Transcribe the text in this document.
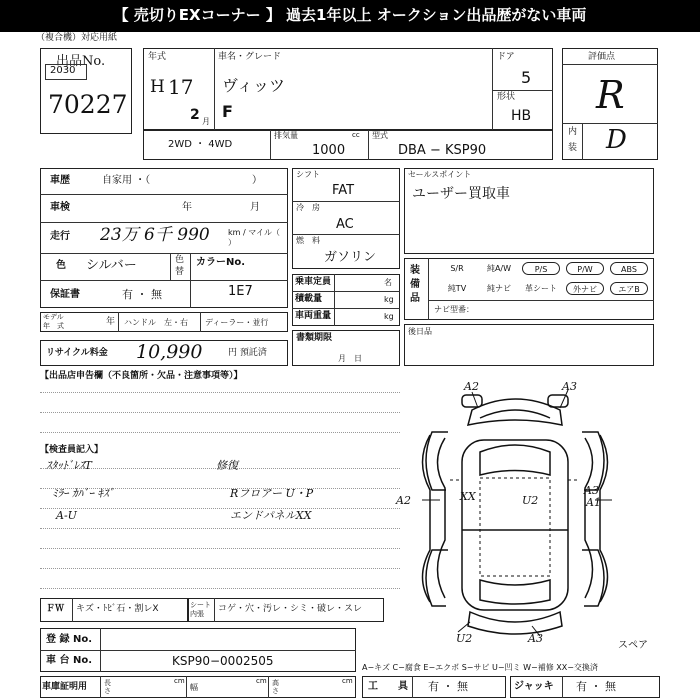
【 売切りEXコーナー 】 過去1年以上 オークション出品歴がない車両
（複合機）対応用紙
出品No.
2030
70227
年式
H 17
2 月
車名・グレード
ヴィッツ
F
ドア
5
形状
HB
2WD ・ 4WD
排気量	cc
1000
型式
DBA − KSP90
評価点
R
内
装 D
車歴	自家用 ・（	）
車検	年	月
走行 23万 6千 990 km / マイル（ ）
色 シルバー	色
替
カラーNo.
1E7
保証書	有 ・ 無
モデル
年　式	年 ハンドル　左・右 ディーラー・並行
リサイクル料金 10,990	円 預託済
【出品店申告欄（不良箇所・欠品・注意事項等）】
シフト
FAT
冷　房
AC
燃　料
ガソリン
乗車定員	名
積載量	kg
車両重量	kg
書類期限
月　日
セールスポイント
ユーザー買取車
装備品
S/R	純A/W	P/S	P/W	ABS
純TV	純ナビ	革シート	外ナビ	エアB
ナビ型番：
後日品
【検査員記入】
ｽﾀｯﾄﾞﾚｽT
ﾐﾗｰ ｶﾊﾞｰ ｷｽﾞ
A-U
修復
Rフロアー U・P
エンドパネルXX
A2	A3
A2	XX	U2
A3
U2	A3
A1
スペア
ＦＷ キズ・ﾄﾋﾞ石・割レX	シート
内張	コゲ・穴・汚レ・シミ・破レ・スレ
登 録 No.
車 台 No.	KSP90−0002505
車庫証明用 長さ
cm
幅
cm 高さ
cm
A−キズ C−腐食 E−エクボ S−サビ U−凹ミ W−補修 XX−交換済
工　　具 有 ・ 無	ジャッキ 有 ・ 無
